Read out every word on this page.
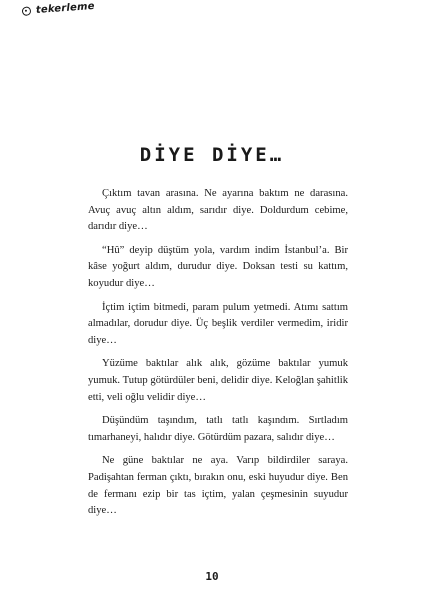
tekerleme
DİYE DİYE…

Çıktım tavan arasına. Ne ayarına baktım ne darasına. Avuç avuç altın aldım, sarıdır diye. Doldurdum cebime, darıdır diye…

“Hû” deyip düştüm yola, vardım indim İstanbul’a. Bir kâse yoğurt aldım, durudur diye. Doksan testi su kattım, koyudur diye…

İçtim içtim bitmedi, param pulum yetmedi. Atımı sattım almadılar, dorudur diye. Üç beşlik verdiler vermedim, iridir diye…

Yüzüme baktılar alık alık, gözüme baktılar yumuk yumuk. Tutup götürdüler beni, delidir diye. Keloğlan şahitlik etti, veli oğlu velidir diye…

Düşündüm taşındım, tatlı tatlı kaşındım. Sırtladım tımarhaneyi, halıdır diye. Götürdüm pazara, salıdır diye…

Ne güne baktılar ne aya. Varıp bildirdiler saraya. Padişahtan ferman çıktı, bırakın onu, eski huyudur diye. Ben de fermanı ezip bir tas içtim, yalan çeşmesinin suyudur diye…

10
